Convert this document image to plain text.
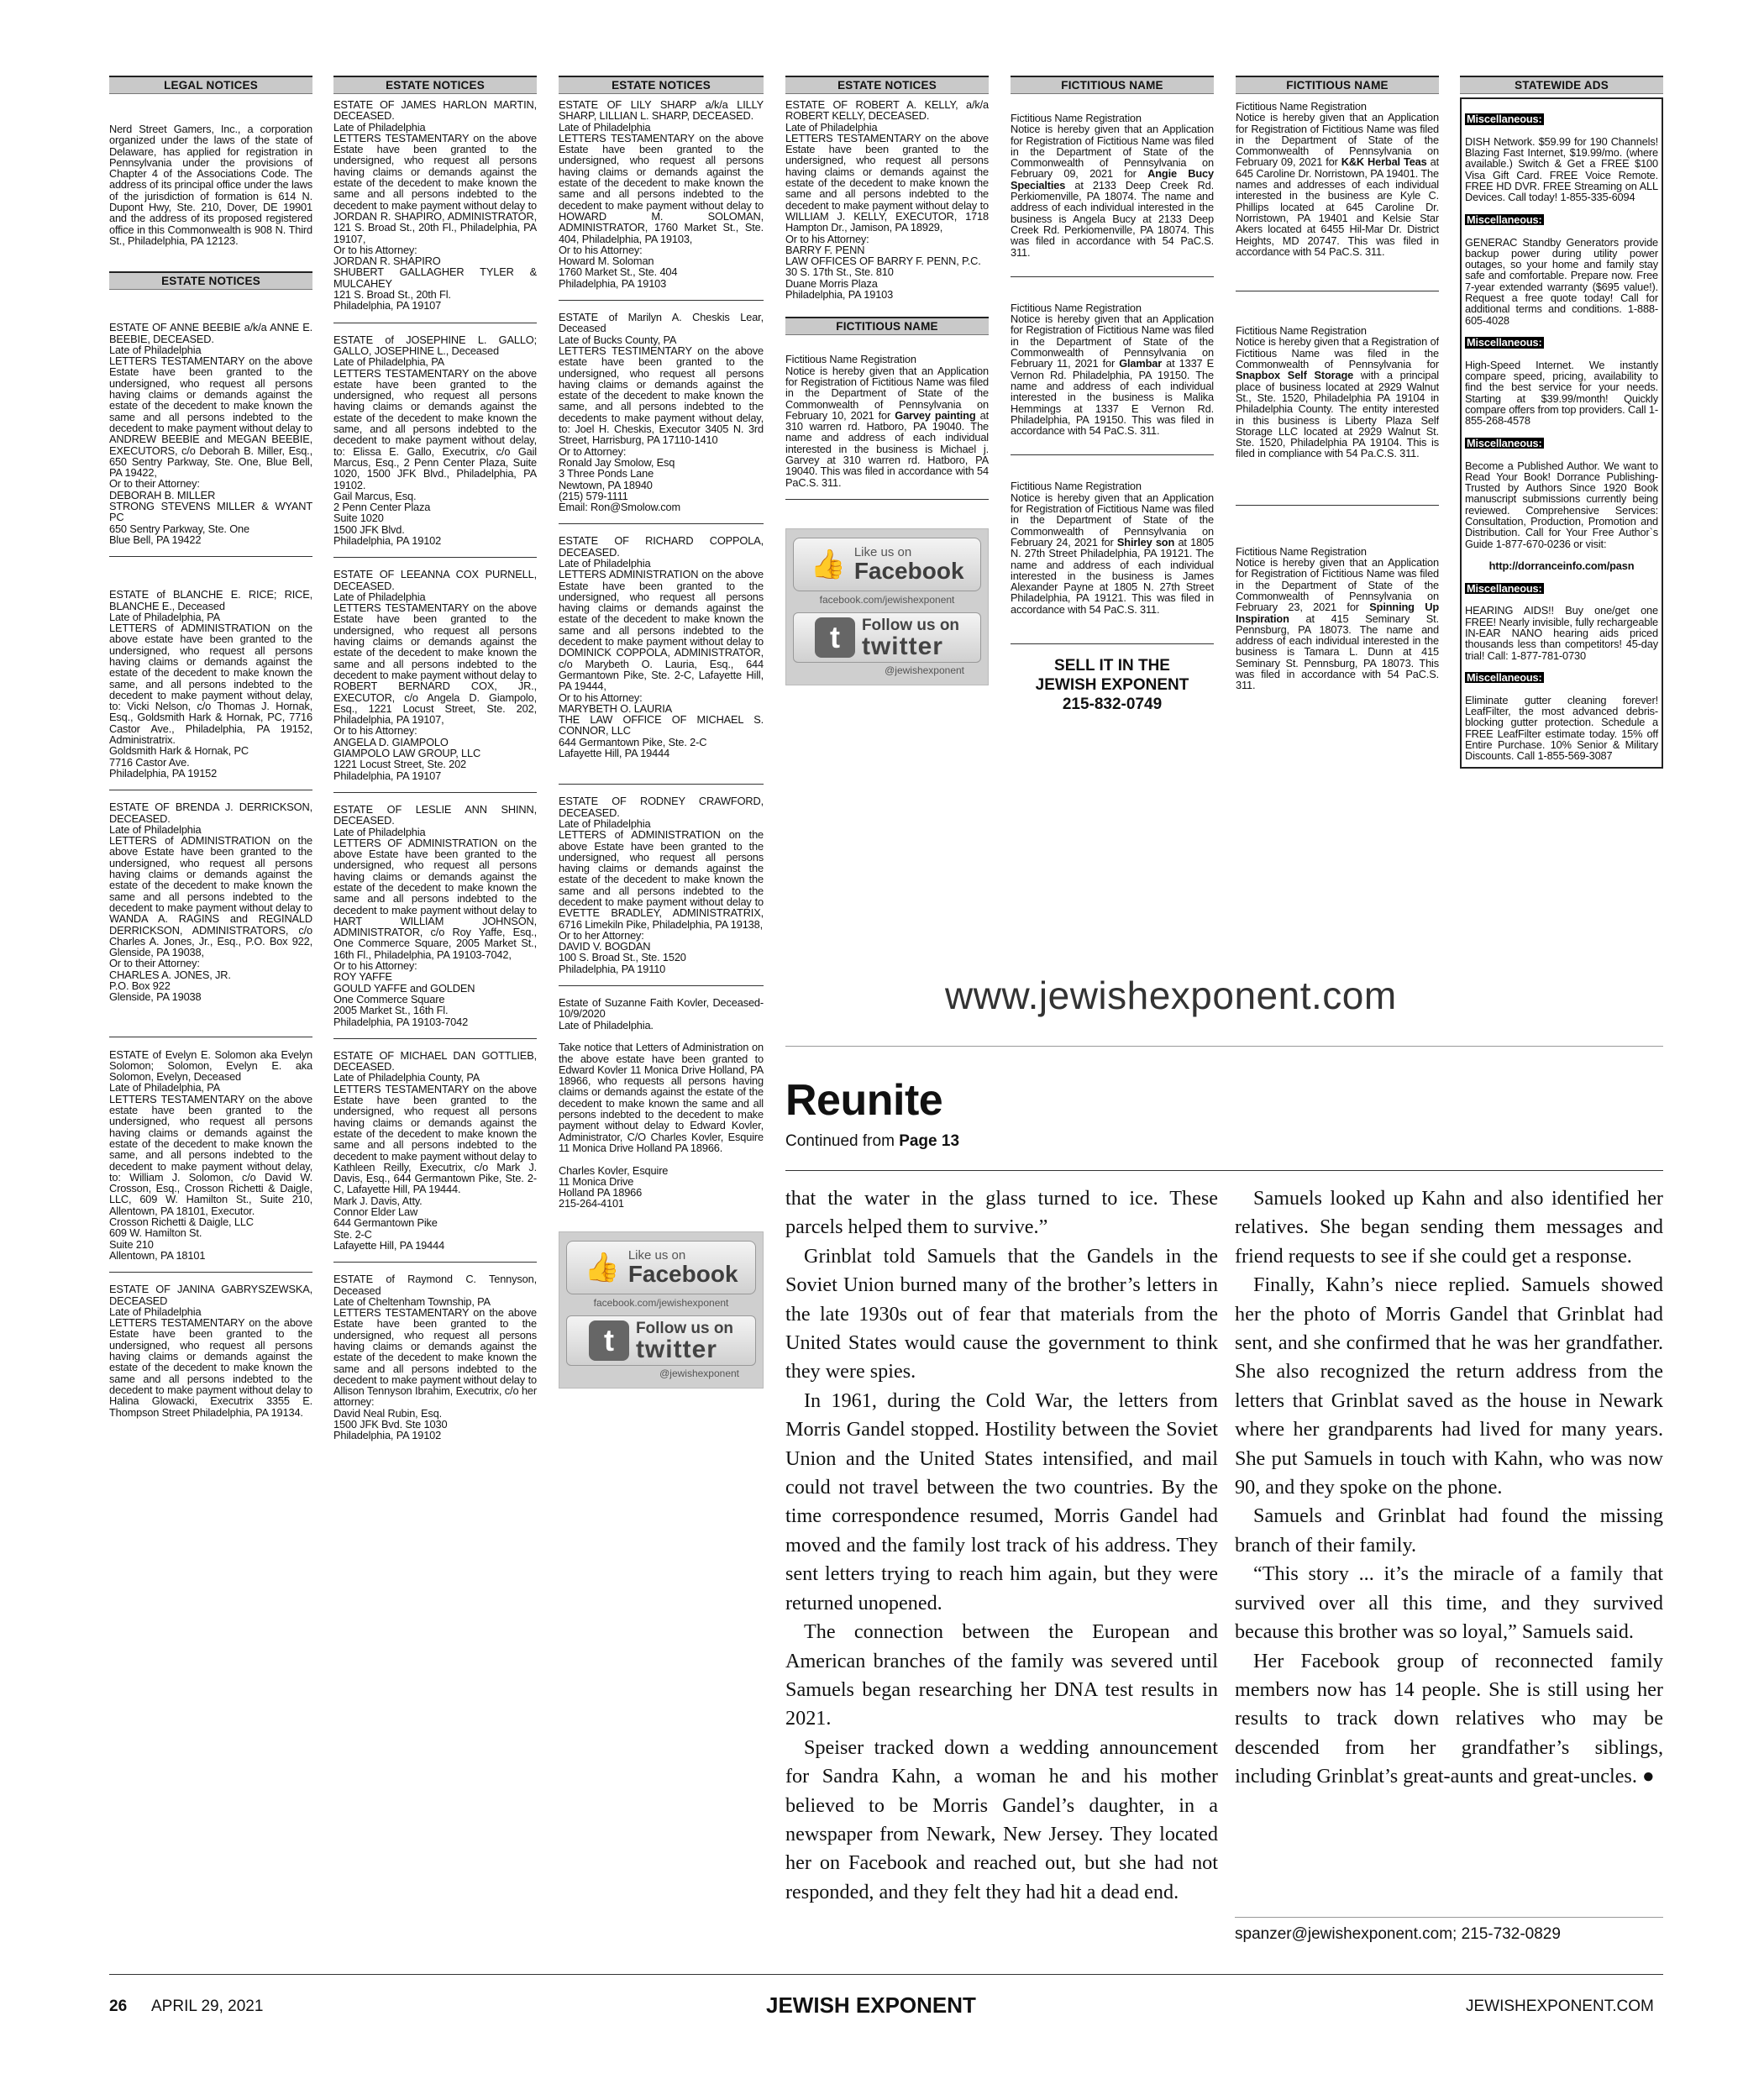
LEGAL NOTICES
Nerd Street Gamers, Inc., a corporation organized under the laws of the state of Delaware, has applied for registration in Pennsylvania under the provisions of Chapter 4 of the Associations Code. The address of its principal office under the laws of the jurisdiction of formation is 614 N. Dupont Hwy, Ste. 210, Dover, DE 19901 and the address of its proposed registered office in this Commonwealth is 908 N. Third St., Philadelphia, PA 12123.
ESTATE NOTICES
ESTATE OF ANNE BEEBIE a/k/a ANNE E. BEEBIE, DECEASED.
Late of Philadelphia
LETTERS TESTAMENTARY on the above Estate have been granted to the undersigned, who request all persons having claims or demands against the estate of the decedent to make known the same and all persons indebted to the decedent to make payment without delay to ANDREW BEEBIE and MEGAN BEEBIE, EXECUTORS, c/o Deborah B. Miller, Esq., 650 Sentry Parkway, Ste. One, Blue Bell, PA 19422,
Or to their Attorney:
DEBORAH B. MILLER
STRONG STEVENS MILLER & WYANT PC
650 Sentry Parkway, Ste. One
Blue Bell, PA 19422
ESTATE of BLANCHE E. RICE; RICE, BLANCHE E., Deceased
Late of Philadelphia, PA
LETTERS of ADMINISTRATION on the above estate have been granted to the undersigned, who request all persons having claims or demands against the estate of the decedent to make known the same, and all persons indebted to the decedent to make payment without delay, to: Vicki Nelson, c/o Thomas J. Hornak, Esq., Goldsmith Hark & Hornak, PC, 7716 Castor Ave., Philadelphia, PA 19152, Administratrix.
Goldsmith Hark & Hornak, PC
7716 Castor Ave.
Philadelphia, PA 19152
ESTATE OF BRENDA J. DERRICKSON, DECEASED.
Late of Philadelphia
LETTERS of ADMINISTRATION on the above Estate have been granted to the undersigned, who request all persons having claims or demands against the estate of the decedent to make known the same and all persons indebted to the decedent to make payment without delay to WANDA A. RAGINS and REGINALD DERRICKSON, ADMINISTRATORS, c/o Charles A. Jones, Jr., Esq., P.O. Box 922, Glenside, PA 19038,
Or to their Attorney:
CHARLES A. JONES, JR.
P.O. Box 922
Glenside, PA 19038
ESTATE of Evelyn E. Solomon aka Evelyn Solomon; Solomon, Evelyn E. aka Solomon, Evelyn, Deceased
Late of Philadelphia, PA
LETTERS TESTAMENTARY on the above estate have been granted to the undersigned, who request all persons having claims or demands against the estate of the decedent to make known the same, and all persons indebted to the decedent to make payment without delay, to: William J. Solomon, c/o David W. Crosson, Esq., Crosson Richetti & Daigle, LLC, 609 W. Hamilton St., Suite 210, Allentown, PA 18101, Executor.
Crosson Richetti & Daigle, LLC
609 W. Hamilton St.
Suite 210
Allentown, PA 18101
ESTATE OF JANINA GABRYSZEWSKA, DECEASED
Late of Philadelphia
LETTERS TESTAMENTARY on the above Estate have been granted to the undersigned, who request all persons having claims or demands against the estate of the decedent to make known the same and all persons indebted to the decedent to make payment without delay to Halina Glowacki, Executrix 3355 E. Thompson Street Philadelphia, PA 19134.
ESTATE NOTICES
ESTATE OF JAMES HARLON MARTIN, DECEASED.
Late of Philadelphia
LETTERS TESTAMENTARY on the above Estate have been granted to the undersigned, who request all persons having claims or demands against the estate of the decedent to make known the same and all persons indebted to the decedent to make payment without delay to JORDAN R. SHAPIRO, ADMINISTRATOR, 121 S. Broad St., 20th Fl., Philadelphia, PA 19107,
Or to his Attorney:
JORDAN R. SHAPIRO
SHUBERT GALLAGHER TYLER & MULCAHEY
121 S. Broad St., 20th Fl.
Philadelphia, PA 19107
ESTATE of JOSEPHINE L. GALLO; GALLO, JOSEPHINE L., Deceased
Late of Philadelphia, PA
LETTERS TESTAMENTARY on the above estate have been granted to the undersigned, who request all persons having claims or demands against the estate of the decedent to make known the same, and all persons indebted to the decedent to make payment without delay, to: Elissa E. Gallo, Executrix, c/o Gail Marcus, Esq., 2 Penn Center Plaza, Suite 1020, 1500 JFK Blvd., Philadelphia, PA 19102.
Gail Marcus, Esq.
2 Penn Center Plaza
Suite 1020
1500 JFK Blvd.
Philadelphia, PA 19102
ESTATE OF LEEANNA COX PURNELL, DECEASED.
Late of Philadelphia
LETTERS TESTAMENTARY on the above Estate have been granted to the undersigned, who request all persons having claims or demands against the estate of the decedent to make known the same and all persons indebted to the decedent to make payment without delay to ROBERT BERNARD COX, JR., EXECUTOR, c/o Angela D. Giampolo, Esq., 1221 Locust Street, Ste. 202, Philadelphia, PA 19107,
Or to his Attorney:
ANGELA D. GIAMPOLO
GIAMPOLO LAW GROUP, LLC
1221 Locust Street, Ste. 202
Philadelphia, PA 19107
ESTATE OF LESLIE ANN SHINN, DECEASED.
Late of Philadelphia
LETTERS OF ADMINISTRATION on the above Estate have been granted to the undersigned, who request all persons having claims or demands against the estate of the decedent to make known the same and all persons indebted to the decedent to make payment without delay to HART WILLIAM JOHNSON, ADMINISTRATOR, c/o Roy Yaffe, Esq., One Commerce Square, 2005 Market St., 16th Fl., Philadelphia, PA 19103-7042,
Or to his Attorney:
ROY YAFFE
GOULD YAFFE and GOLDEN
One Commerce Square
2005 Market St., 16th Fl.
Philadelphia, PA 19103-7042
ESTATE OF MICHAEL DAN GOTTLIEB, DECEASED.
Late of Philadelphia County, PA
LETTERS TESTAMENTARY on the above Estate have been granted to the undersigned, who request all persons having claims or demands against the estate of the decedent to make known the same and all persons indebted to the decedent to make payment without delay to Kathleen Reilly, Executrix, c/o Mark J. Davis, Esq., 644 Germantown Pike, Ste. 2-C, Lafayette Hill, PA 19444.
Mark J. Davis, Atty.
Connor Elder Law
644 Germantown Pike
Ste. 2-C
Lafayette Hill, PA 19444
ESTATE of Raymond C. Tennyson, Deceased
Late of Cheltenham Township, PA
LETTERS TESTAMENTARY on the above Estate have been granted to the undersigned, who request all persons having claims or demands against the estate of the decedent to make known the same and all persons indebted to the decedent to make payment without delay to Allison Tennyson Ibrahim, Executrix, c/o her attorney:
David Neal Rubin, Esq.
1500 JFK Bvd. Ste 1030
Philadelphia, PA 19102
ESTATE NOTICES
ESTATE OF LILY SHARP a/k/a LILLY SHARP, LILLIAN L. SHARP, DECEASED.
Late of Philadelphia
LETTERS TESTAMENTARY on the above Estate have been granted to the undersigned, who request all persons having claims or demands against the estate of the decedent to make known the same and all persons indebted to the decedent to make payment without delay to HOWARD M. SOLOMAN, ADMINISTRATOR, 1760 Market St., Ste. 404, Philadelphia, PA 19103,
Or to his Attorney:
Howard M. Soloman
1760 Market St., Ste. 404
Philadelphia, PA 19103
ESTATE of Marilyn A. Cheskis Lear, Deceased
Late of Bucks County, PA
LETTERS TESTIMENTARY on the above estate have been granted to the undersigned, who request all persons having claims or demands against the estate of the decedent to make known the same, and all persons indebted to the decedents to make payment without delay, to: Joel H. Cheskis, Executor 3405 N. 3rd Street, Harrisburg, PA 17110-1410
Or to Attorney:
Ronald Jay Smolow, Esq
3 Three Ponds Lane
Newtown, PA 18940
(215) 579-1111
Email: Ron@Smolow.com
ESTATE OF RICHARD COPPOLA, DECEASED.
Late of Philadelphia
LETTERS ADMINISTRATION on the above Estate have been granted to the undersigned, who request all persons having claims or demands against the estate of the decedent to make known the same and all persons indebted to the decedent to make payment without delay to DOMINICK COPPOLA, ADMINISTRATOR, c/o Marybeth O. Lauria, Esq., 644 Germantown Pike, Ste. 2-C, Lafayette Hill, PA 19444,
Or to his Attorney:
MARYBETH O. LAURIA
THE LAW OFFICE OF MICHAEL S. CONNOR, LLC
644 Germantown Pike, Ste. 2-C
Lafayette Hill, PA 19444
ESTATE OF RODNEY CRAWFORD, DECEASED.
Late of Philadelphia
LETTERS of ADMINISTRATION on the above Estate have been granted to the undersigned, who request all persons having claims or demands against the estate of the decedent to make known the same and all persons indebted to the decedent to make payment without delay to EVETTE BRADLEY, ADMINISTRATRIX, 6716 Limekiln Pike, Philadelphia, PA 19138,
Or to her Attorney:
DAVID V. BOGDAN
100 S. Broad St., Ste. 1520
Philadelphia, PA 19110
Estate of Suzanne Faith Kovler, Deceased-10/9/2020
Late of Philadelphia.

Take notice that Letters of Administration on the above estate have been granted to Edward Kovler 11 Monica Drive Holland, PA 18966, who requests all persons having claims or demands against the estate of the decedent to make known the same and all persons indebted to the decedent to make payment without delay to Edward Kovler, Administrator, C/O Charles Kovler, Esquire 11 Monica Drive Holland PA 18966.

Charles Kovler, Esquire
11 Monica Drive
Holland PA 18966
215-264-4101
👍 Like us on
Facebook
facebook.com/jewishexponent
t	Follow us on
twitter
@jewishexponent
ESTATE NOTICES
ESTATE OF ROBERT A. KELLY, a/k/a ROBERT KELLY, DECEASED.
Late of Philadelphia
LETTERS TESTAMENTARY on the above Estate have been granted to the undersigned, who request all persons having claims or demands against the estate of the decedent to make known the same and all persons indebted to the decedent to make payment without delay to WILLIAM J. KELLY, EXECUTOR, 1718 Hampton Dr., Jamison, PA 18929,
Or to his Attorney:
BARRY F. PENN
LAW OFFICES OF BARRY F. PENN, P.C.
30 S. 17th St., Ste. 810
Duane Morris Plaza
Philadelphia, PA 19103
FICTITIOUS NAME
Fictitious Name Registration
Notice is hereby given that an Application for Registration of Fictitious Name was filed in the Department of State of the Commonwealth of Pennsylvania on February 10, 2021 for Garvey painting at 310 warren rd. Hatboro, PA 19040. The name and address of each individual interested in the business is Michael j. Garvey at 310 warren rd. Hatboro, PA 19040. This was filed in accordance with 54 PaC.S. 311.
👍 Like us on
Facebook
facebook.com/jewishexponent
t	Follow us on
twitter
@jewishexponent
FICTITIOUS NAME
Fictitious Name Registration
Notice is hereby given that an Application for Registration of Fictitious Name was filed in the Department of State of the Commonwealth of Pennsylvania on February 09, 2021 for Angie Bucy Specialties at 2133 Deep Creek Rd. Perkiomenville, PA 18074. The name and address of each individual interested in the business is Angela Bucy at 2133 Deep Creek Rd. Perkiomenville, PA 18074. This was filed in accordance with 54 PaC.S. 311.
Fictitious Name Registration
Notice is hereby given that an Application for Registration of Fictitious Name was filed in the Department of State of the Commonwealth of Pennsylvania on February 11, 2021 for Glambar at 1337 E Vernon Rd. Philadelphia, PA 19150. The name and address of each individual interested in the business is Malika Hemmings at 1337 E Vernon Rd. Philadelphia, PA 19150. This was filed in accordance with 54 PaC.S. 311.
Fictitious Name Registration
Notice is hereby given that an Application for Registration of Fictitious Name was filed in the Department of State of the Commonwealth of Pennsylvania on February 24, 2021 for Shirley son at 1805 N. 27th Street Philadelphia, PA 19121. The name and address of each individual interested in the business is James Alexander Payne at 1805 N. 27th Street Philadelphia, PA 19121. This was filed in accordance with 54 PaC.S. 311.
SELL IT IN THE
JEWISH EXPONENT
215-832-0749
FICTITIOUS NAME
Fictitious Name Registration
Notice is hereby given that an Application for Registration of Fictitious Name was filed in the Department of State of the Commonwealth of Pennsylvania on February 09, 2021 for K&K Herbal Teas at 645 Caroline Dr. Norristown, PA 19401. The names and addresses of each individual interested in the business are Kyle C. Phillips located at 645 Caroline Dr. Norristown, PA 19401 and Kelsie Star Akers located at 6455 Hil-Mar Dr. District Heights, MD 20747. This was filed in accordance with 54 PaC.S. 311.
Fictitious Name Registration
Notice is hereby given that a Registration of Fictitious Name was filed in the Commonwealth of Pennsylvania for Snapbox Self Storage with a principal place of business located at 2929 Walnut St., Ste. 1520, Philadelphia PA 19104 in Philadelphia County. The entity interested in this business is Liberty Plaza Self Storage LLC located at 2929 Walnut St. Ste. 1520, Philadelphia PA 19104. This is filed in compliance with 54 Pa.C.S. 311.
Fictitious Name Registration
Notice is hereby given that an Application for Registration of Fictitious Name was filed in the Department of State of the Commonwealth of Pennsylvania on February 23, 2021 for Spinning Up Inspiration at 415 Seminary St. Pennsburg, PA 18073. The name and address of each individual interested in the business is Tamara L. Dunn at 415 Seminary St. Pennsburg, PA 18073. This was filed in accordance with 54 PaC.S. 311.
STATEWIDE ADS

Miscellaneous:

DISH Network. $59.99 for 190 Channels! Blazing Fast Internet, $19.99/mo. (where available.) Switch & Get a FREE $100 Visa Gift Card. FREE Voice Remote. FREE HD DVR. FREE Streaming on ALL Devices. Call today! 1-855-335-6094

Miscellaneous:

GENERAC Standby Generators provide backup power during utility power outages, so your home and family stay safe and comfortable. Prepare now. Free 7-year extended warranty ($695 value!). Request a free quote today! Call for additional terms and conditions. 1-888-605-4028

Miscellaneous:

High-Speed Internet. We instantly compare speed, pricing, availability to find the best service for your needs. Starting at $39.99/month! Quickly compare offers from top providers. Call 1-855-268-4578

Miscellaneous:

Become a Published Author. We want to Read Your Book! Dorrance Publishing-Trusted by Authors Since 1920 Book manuscript submissions currently being reviewed. Comprehensive Services: Consultation, Production, Promotion and Distribution. Call for Your Free Author`s Guide 1-877-670-0236 or visit:

http://dorranceinfo.com/pasn

Miscellaneous:

HEARING AIDS!! Buy one/get one FREE! Nearly invisible, fully rechargeable IN-EAR NANO hearing aids priced thousands less than competitors! 45-day trial! Call: 1-877-781-0730

Miscellaneous:

Eliminate gutter cleaning forever! LeafFilter, the most advanced debris-blocking gutter protection. Schedule a FREE LeafFilter estimate today. 15% off Entire Purchase. 10% Senior & Military Discounts. Call 1-855-569-3087

www.jewishexponent.com
Reunite
Continued from Page 13

that the water in the glass turned to ice. These parcels helped them to survive.”

Grinblat told Samuels that the Gandels in the Soviet Union burned many of the brother’s letters in the late 1930s out of fear that materials from the United States would cause the government to think they were spies.

In 1961, during the Cold War, the letters from Morris Gandel stopped. Hostility between the Soviet Union and the United States intensified, and mail could not travel between the two countries. By the time correspondence resumed, Morris Gandel had moved and the family lost track of his address. They sent letters trying to reach him again, but they were returned unopened.

The connection between the European and American branches of the family was severed until Samuels began researching her DNA test results in 2021.

Speiser tracked down a wedding announcement for Sandra Kahn, a woman he and his mother believed to be Morris Gandel’s daughter, in a newspaper from Newark, New Jersey. They located her on Facebook and reached out, but she had not responded, and they felt they had hit a dead end.

Samuels looked up Kahn and also identified her relatives. She began sending them messages and friend requests to see if she could get a response.

Finally, Kahn’s niece replied. Samuels showed her the photo of Morris Gandel that Grinblat had sent, and she confirmed that he was her grandfather. She also recognized the return address from the letters that Grinblat saved as the house in Newark where her grandparents had lived for many years. She put Samuels in touch with Kahn, who was now 90, and they spoke on the phone.

Samuels and Grinblat had found the missing branch of their family.

“This story ... it’s the miracle of a family that survived over all this time, and they survived because this brother was so loyal,” Samuels said.

Her Facebook group of reconnected family members now has 14 people. She is still using her results to track down relatives who may be descended from her grandfather’s siblings, including Grinblat’s great-aunts and great-uncles. ●

spanzer@jewishexponent.com; 215-732-0829
26 APRIL 29, 2021	JEWISH EXPONENT	JEWISHEXPONENT.COM
